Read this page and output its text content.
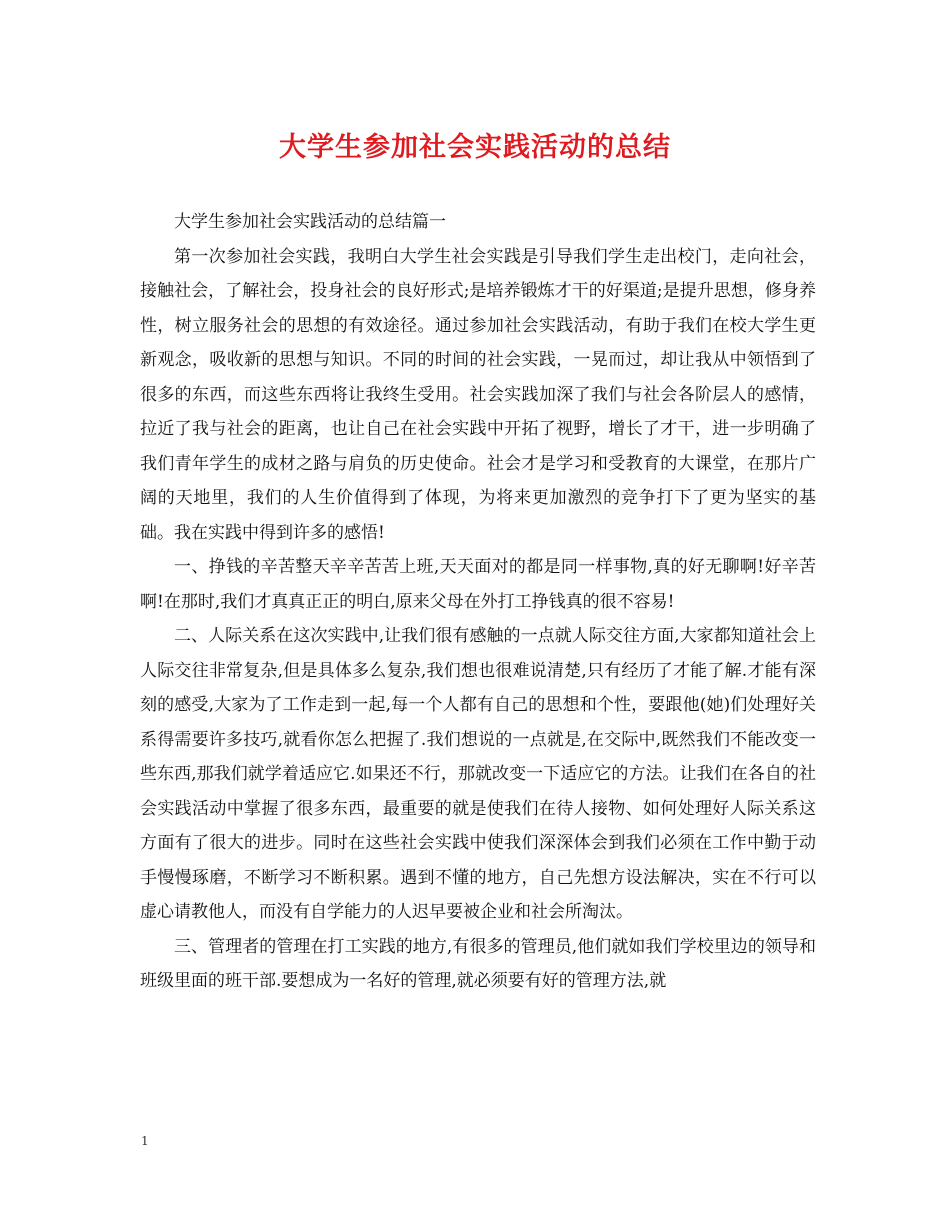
大学生参加社会实践活动的总结

大学生参加社会实践活动的总结篇一

第一次参加社会实践，我明白大学生社会实践是引导我们学生走出校门，走向社会，接触社会，了解社会，投身社会的良好形式;是培养锻炼才干的好渠道;是提升思想，修身养性，树立服务社会的思想的有效途径。通过参加社会实践活动，有助于我们在校大学生更新观念，吸收新的思想与知识。不同的时间的社会实践，一晃而过，却让我从中领悟到了很多的东西，而这些东西将让我终生受用。社会实践加深了我们与社会各阶层人的感情，拉近了我与社会的距离，也让自己在社会实践中开拓了视野，增长了才干，进一步明确了我们青年学生的成材之路与肩负的历史使命。社会才是学习和受教育的大课堂，在那片广阔的天地里，我们的人生价值得到了体现，为将来更加激烈的竞争打下了更为坚实的基础。我在实践中得到许多的感悟!

一、挣钱的辛苦整天辛辛苦苦上班,天天面对的都是同一样事物,真的好无聊啊!好辛苦啊!在那时,我们才真真正正的明白,原来父母在外打工挣钱真的很不容易!

二、人际关系在这次实践中,让我们很有感触的一点就人际交往方面,大家都知道社会上人际交往非常复杂,但是具体多么复杂,我们想也很难说清楚,只有经历了才能了解.才能有深刻的感受,大家为了工作走到一起,每一个人都有自己的思想和个性，要跟他(她)们处理好关系得需要许多技巧,就看你怎么把握了.我们想说的一点就是,在交际中,既然我们不能改变一些东西,那我们就学着适应它.如果还不行，那就改变一下适应它的方法。让我们在各自的社会实践活动中掌握了很多东西，最重要的就是使我们在待人接物、如何处理好人际关系这方面有了很大的进步。同时在这些社会实践中使我们深深体会到我们必须在工作中勤于动手慢慢琢磨，不断学习不断积累。遇到不懂的地方，自己先想方设法解决，实在不行可以虚心请教他人，而没有自学能力的人迟早要被企业和社会所淘汰。

三、管理者的管理在打工实践的地方,有很多的管理员,他们就如我们学校里边的领导和班级里面的班干部.要想成为一名好的管理,就必须要有好的管理方法,就

1
